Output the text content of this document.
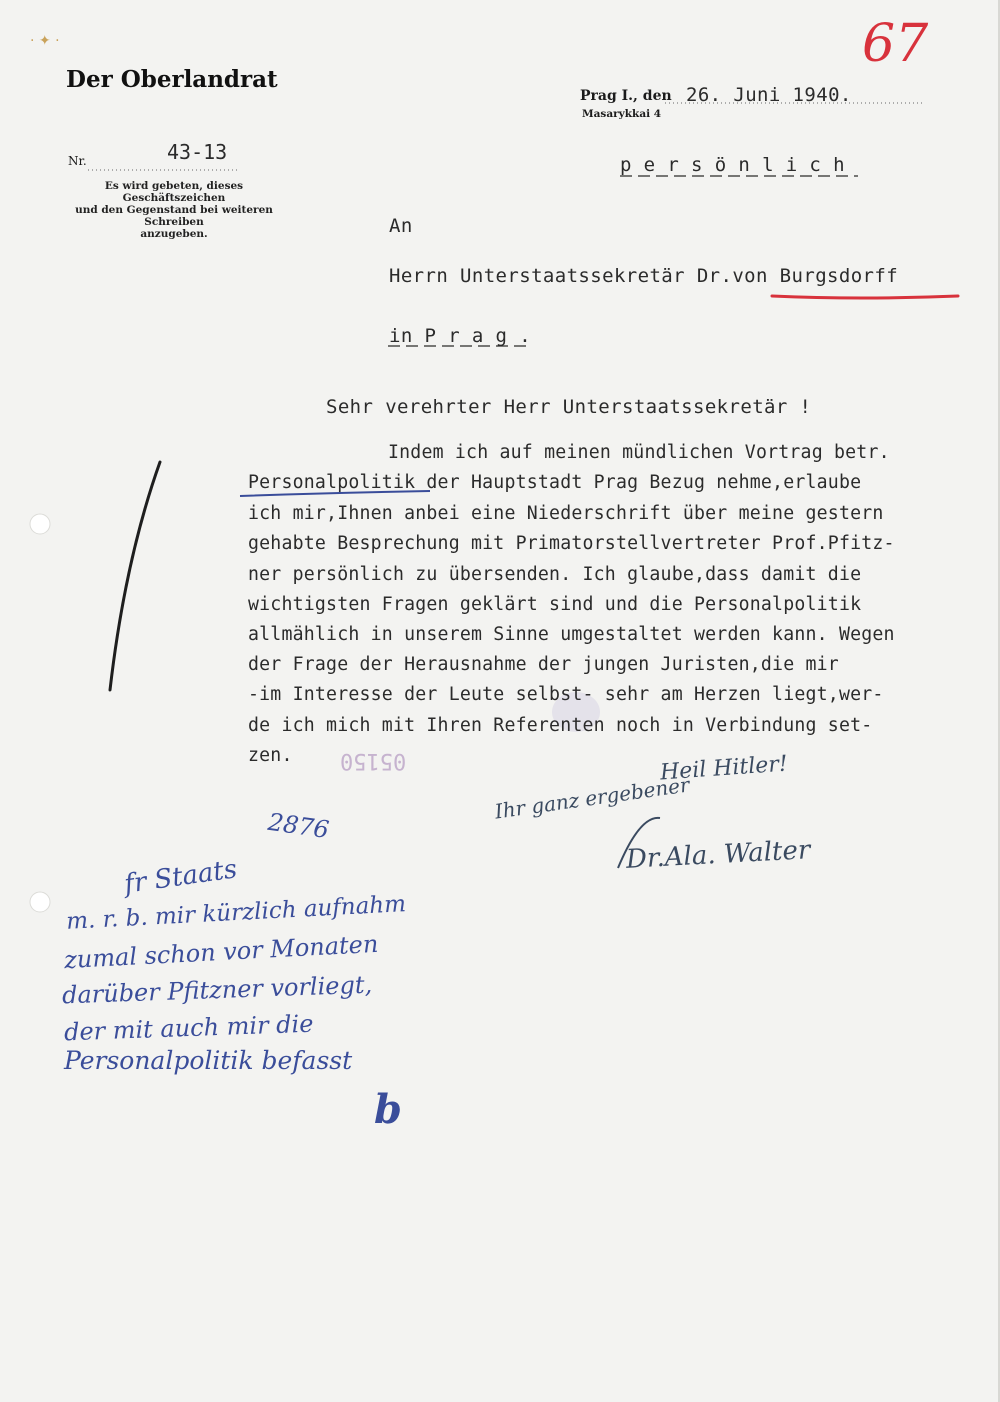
· ✦ ·	67
Der Oberlandrat
Nr.	43-13
Es wird gebeten, dieses Geschäftszeichen
und den Gegenstand bei weiteren Schreiben
anzugeben.
Prag I., den 26. Juni 1940.
Masarykkai 4
p e r s ö n l i c h
An
Herrn Unterstaatssekretär Dr.von Burgsdorff
in P r a g .
Sehr verehrter Herr Unterstaatssekretär !
Indem ich auf meinen mündlichen Vortrag betr.
Personalpolitik der Hauptstadt Prag Bezug nehme,erlaube
ich mir,Ihnen anbei eine Niederschrift über meine gestern
gehabte Besprechung mit Primatorstellvertreter Prof.Pfitz-
ner persönlich zu übersenden. Ich glaube,dass damit die
wichtigsten Fragen geklärt sind und die Personalpolitik
allmählich in unserem Sinne umgestaltet werden kann. Wegen
der Frage der Herausnahme der jungen Juristen,die mir
-im Interesse der Leute selbst- sehr am Herzen liegt,wer-
de ich mich mit Ihren Referenten noch in Verbindung set-
zen. 05150	Heil Hitler!
Ihr ganz ergebener
Dr.Ala. Walter
2876
fr Staats
m. r. b. mir kürzlich aufnahm
zumal schon vor Monaten
darüber Pfitzner vorliegt,
der mit auch mir die
Personalpolitik befasst
b
